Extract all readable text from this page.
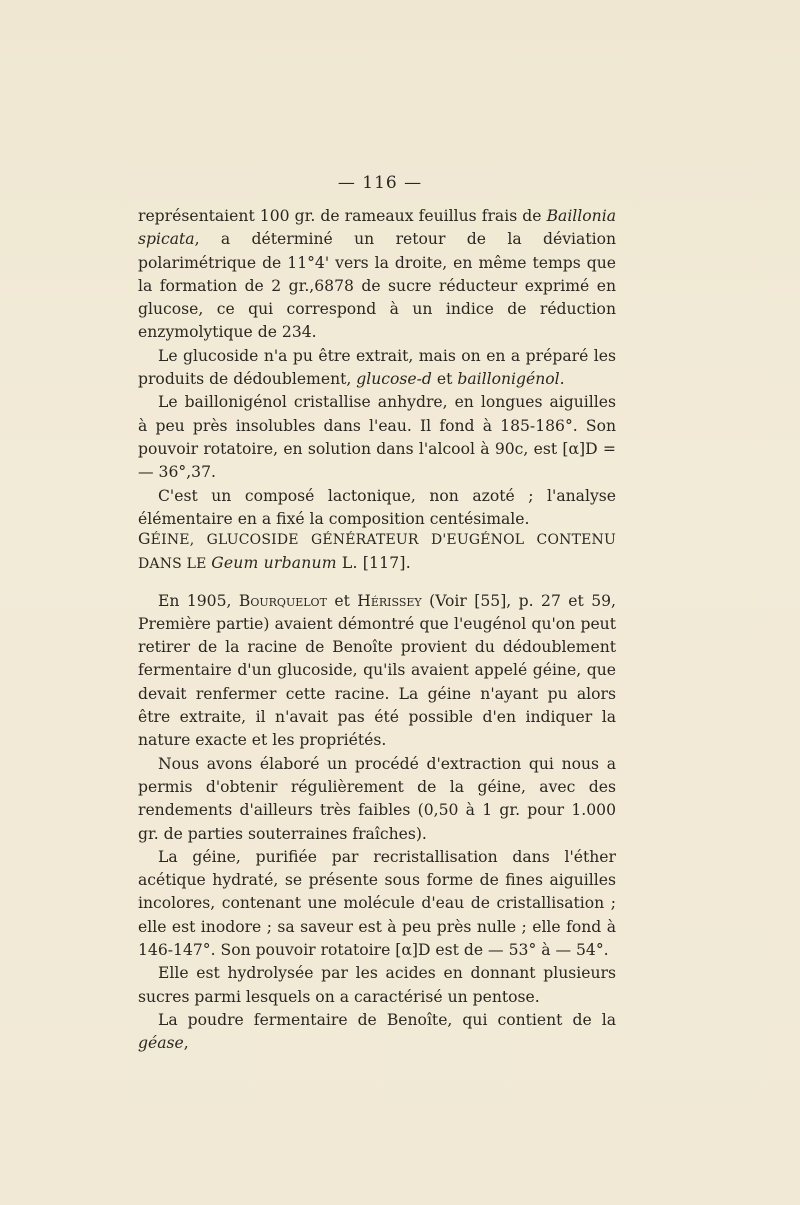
— 116 —

représentaient 100 gr. de rameaux feuillus frais de Baillonia spicata, a déterminé un retour de la déviation polarimétrique de 11°4' vers la droite, en même temps que la formation de 2 gr.,6878 de sucre réducteur exprimé en glucose, ce qui correspond à un indice de réduction enzymolytique de 234.

Le glucoside n'a pu être extrait, mais on en a préparé les produits de dédoublement, glucose-d et baillonigénol.

Le baillonigénol cristallise anhydre, en longues aiguilles à peu près insolubles dans l'eau. Il fond à 185-186°. Son pouvoir rotatoire, en solution dans l'alcool à 90c, est [α]D = — 36°,37.

C'est un composé lactonique, non azoté ; l'analyse élémentaire en a fixé la composition centésimale.

GÉINE, GLUCOSIDE GÉNÉRATEUR D'EUGÉNOL CONTENU DANS LE Geum urbanum L. [117].

En 1905, Bourquelot et Hérissey (Voir [55], p. 27 et 59, Première partie) avaient démontré que l'eugénol qu'on peut retirer de la racine de Benoîte provient du dédoublement fermentaire d'un glucoside, qu'ils avaient appelé géine, que devait renfermer cette racine. La géine n'ayant pu alors être extraite, il n'avait pas été possible d'en indiquer la nature exacte et les propriétés.

Nous avons élaboré un procédé d'extraction qui nous a permis d'obtenir régulièrement de la géine, avec des rendements d'ailleurs très faibles (0,50 à 1 gr. pour 1.000 gr. de parties souterraines fraîches).

La géine, purifiée par recristallisation dans l'éther acétique hydraté, se présente sous forme de fines aiguilles incolores, contenant une molécule d'eau de cristallisation ; elle est inodore ; sa saveur est à peu près nulle ; elle fond à 146-147°. Son pouvoir rotatoire [α]D est de — 53° à — 54°.

Elle est hydrolysée par les acides en donnant plusieurs sucres parmi lesquels on a caractérisé un pentose.

La poudre fermentaire de Benoîte, qui contient de la géase,
